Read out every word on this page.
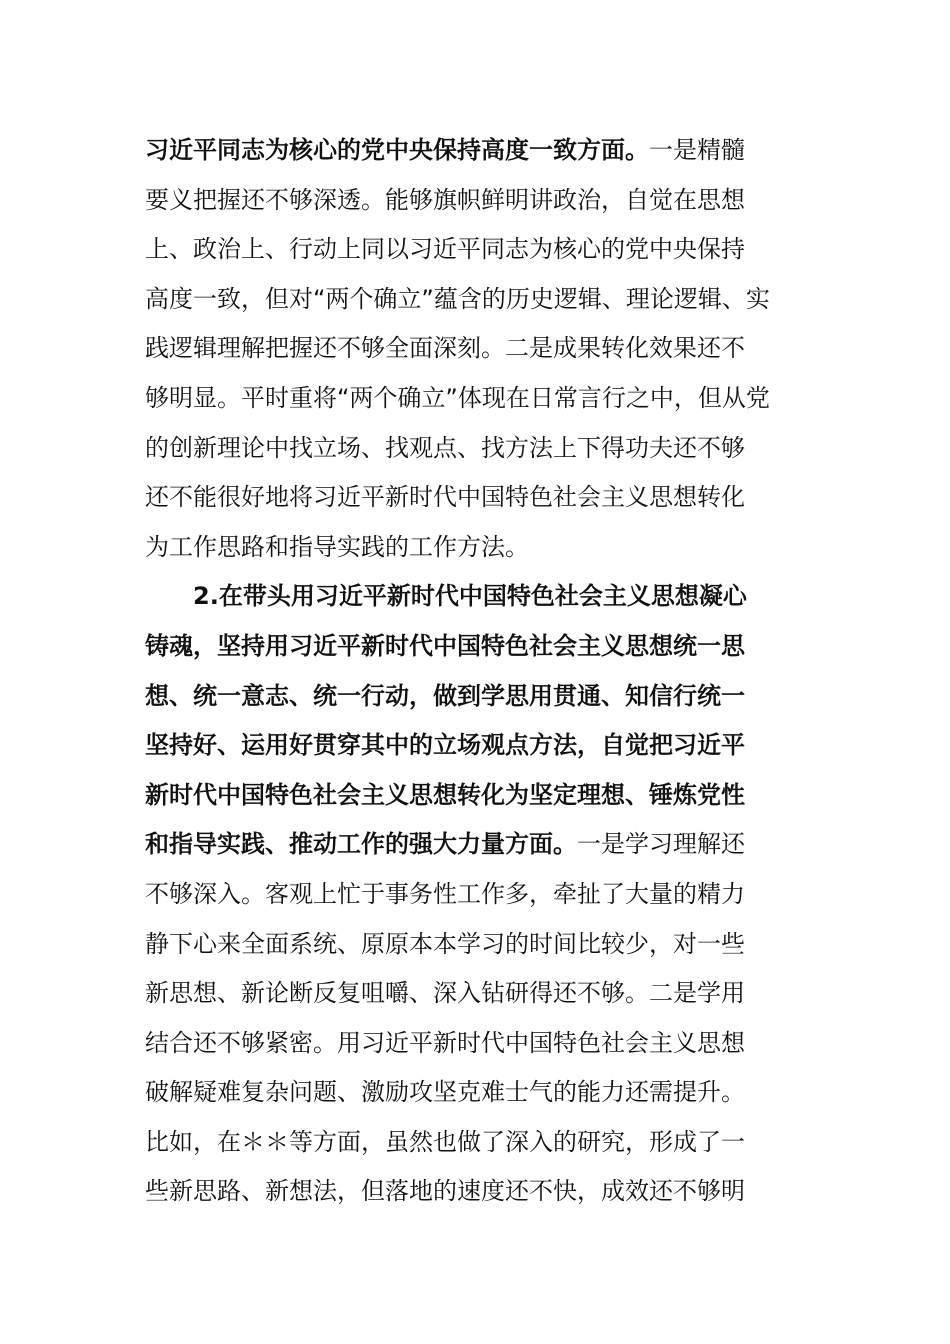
习近平同志为核心的党中央保持高度一致方面。一是精髓
要义把握还不够深透。能够旗帜鲜明讲政治，自觉在思想
上、政治上、行动上同以习近平同志为核心的党中央保持
高度一致，但对“两个确立”蕴含的历史逻辑、理论逻辑、实
践逻辑理解把握还不够全面深刻。二是成果转化效果还不
够明显。平时重将“两个确立”体现在日常言行之中，但从党
的创新理论中找立场、找观点、找方法上下得功夫还不够
还不能很好地将习近平新时代中国特色社会主义思想转化
为工作思路和指导实践的工作方法。
2.在带头用习近平新时代中国特色社会主义思想凝心
铸魂，坚持用习近平新时代中国特色社会主义思想统一思
想、统一意志、统一行动，做到学思用贯通、知信行统一
坚持好、运用好贯穿其中的立场观点方法，自觉把习近平
新时代中国特色社会主义思想转化为坚定理想、锤炼党性
和指导实践、推动工作的强大力量方面。一是学习理解还
不够深入。客观上忙于事务性工作多，牵扯了大量的精力
静下心来全面系统、原原本本学习的时间比较少，对一些
新思想、新论断反复咀嚼、深入钻研得还不够。二是学用
结合还不够紧密。用习近平新时代中国特色社会主义思想
破解疑难复杂问题、激励攻坚克难士气的能力还需提升。
比如，在＊＊等方面，虽然也做了深入的研究，形成了一
些新思路、新想法，但落地的速度还不快，成效还不够明
